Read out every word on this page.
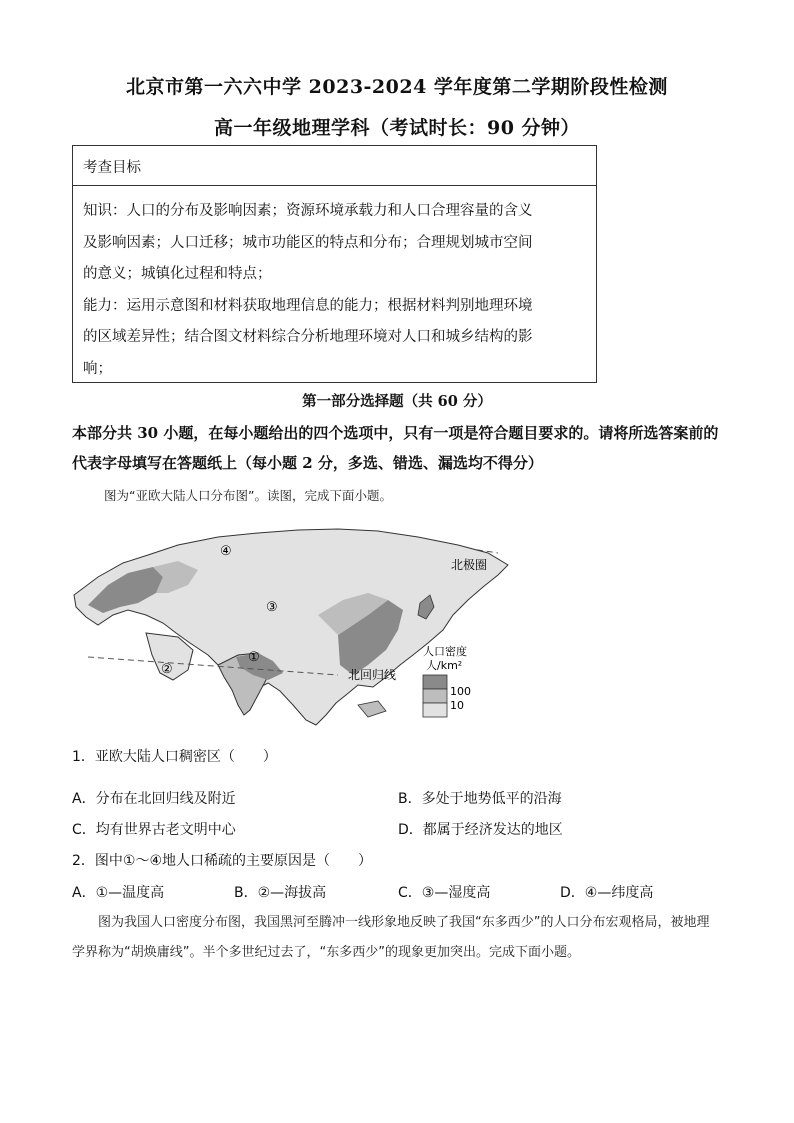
北京市第一六六中学 2023-2024 学年度第二学期阶段性检测
高一年级地理学科（考试时长：90 分钟）
考查目标
知识：人口的分布及影响因素；资源环境承载力和人口合理容量的含义
及影响因素；人口迁移；城市功能区的特点和分布；合理规划城市空间
的意义；城镇化过程和特点；
能力：运用示意图和材料获取地理信息的能力；根据材料判别地理环境
的区域差异性；结合图文材料综合分析地理环境对人口和城乡结构的影
响；
第一部分选择题（共 60 分）
本部分共 30 小题，在每小题给出的四个选项中，只有一项是符合题目要求的。请将所选答案前的代表字母填写在答题纸上（每小题 2 分，多选、错选、漏选均不得分）
图为“亚欧大陆人口分布图”。读图，完成下面小题。
④
③
①
②
北极圈
北回归线
人口密度
人/km²
100
10
1．亚欧大陆人口稠密区（　　）
A．分布在北回归线及附近	B．多处于地势低平的沿海
C．均有世界古老文明中心	D．都属于经济发达的地区
2．图中①～④地人口稀疏的主要原因是（　　）
A．①—温度高	B．②—海拔高	C．③—湿度高	D．④—纬度高
图为我国人口密度分布图，我国黑河至腾冲一线形象地反映了我国“东多西少”的人口分布宏观格局，被地理学界称为“胡焕庸线”。半个多世纪过去了，“东多西少”的现象更加突出。完成下面小题。
